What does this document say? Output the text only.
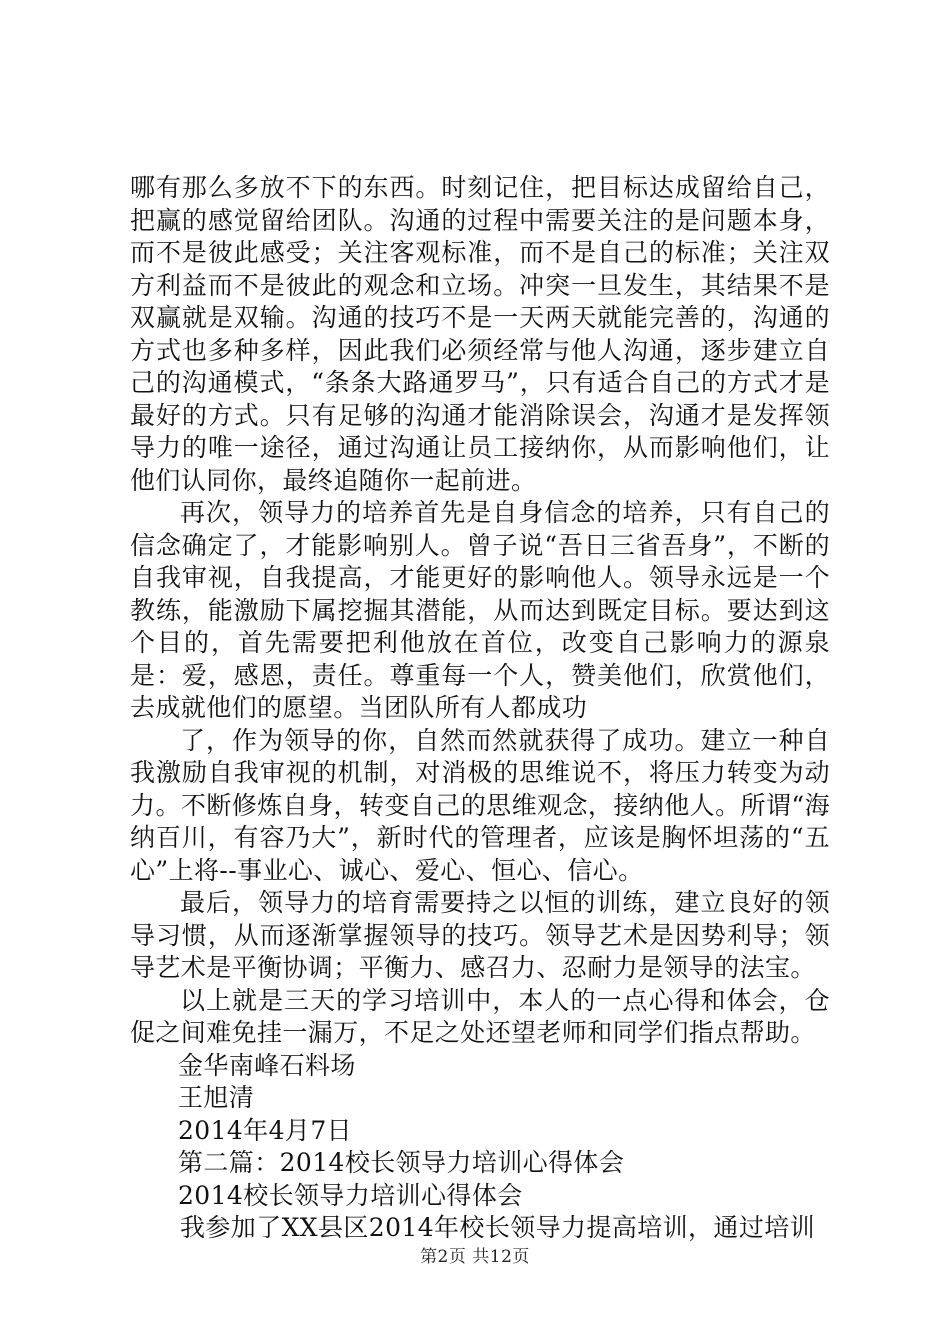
哪有那么多放不下的东西。时刻记住，把目标达成留给自己，把赢的感觉留给团队。沟通的过程中需要关注的是问题本身，而不是彼此感受；关注客观标准，而不是自己的标准；关注双方利益而不是彼此的观念和立场。冲突一旦发生，其结果不是双赢就是双输。沟通的技巧不是一天两天就能完善的，沟通的方式也多种多样，因此我们必须经常与他人沟通，逐步建立自己的沟通模式，“条条大路通罗马”，只有适合自己的方式才是最好的方式。只有足够的沟通才能消除误会，沟通才是发挥领导力的唯一途径，通过沟通让员工接纳你，从而影响他们，让他们认同你，最终追随你一起前进。

再次，领导力的培养首先是自身信念的培养，只有自己的信念确定了，才能影响别人。曾子说“吾日三省吾身”，不断的自我审视，自我提高，才能更好的影响他人。领导永远是一个教练，能激励下属挖掘其潜能，从而达到既定目标。要达到这个目的，首先需要把利他放在首位，改变自己影响力的源泉是：爱，感恩，责任。尊重每一个人，赞美他们，欣赏他们，去成就他们的愿望。当团队所有人都成功

了，作为领导的你，自然而然就获得了成功。建立一种自我激励自我审视的机制，对消极的思维说不，将压力转变为动力。不断修炼自身，转变自己的思维观念，接纳他人。所谓“海纳百川，有容乃大”，新时代的管理者，应该是胸怀坦荡的“五心”上将--事业心、诚心、爱心、恒心、信心。

最后，领导力的培育需要持之以恒的训练，建立良好的领导习惯，从而逐渐掌握领导的技巧。领导艺术是因势利导；领导艺术是平衡协调；平衡力、感召力、忍耐力是领导的法宝。

以上就是三天的学习培训中，本人的一点心得和体会，仓促之间难免挂一漏万，不足之处还望老师和同学们指点帮助。

金华南峰石料场

王旭清

2014年4月7日

第二篇：2014校长领导力培训心得体会

2014校长领导力培训心得体会

我参加了XX县区2014年校长领导力提高培训，通过培训

第2页 共12页
